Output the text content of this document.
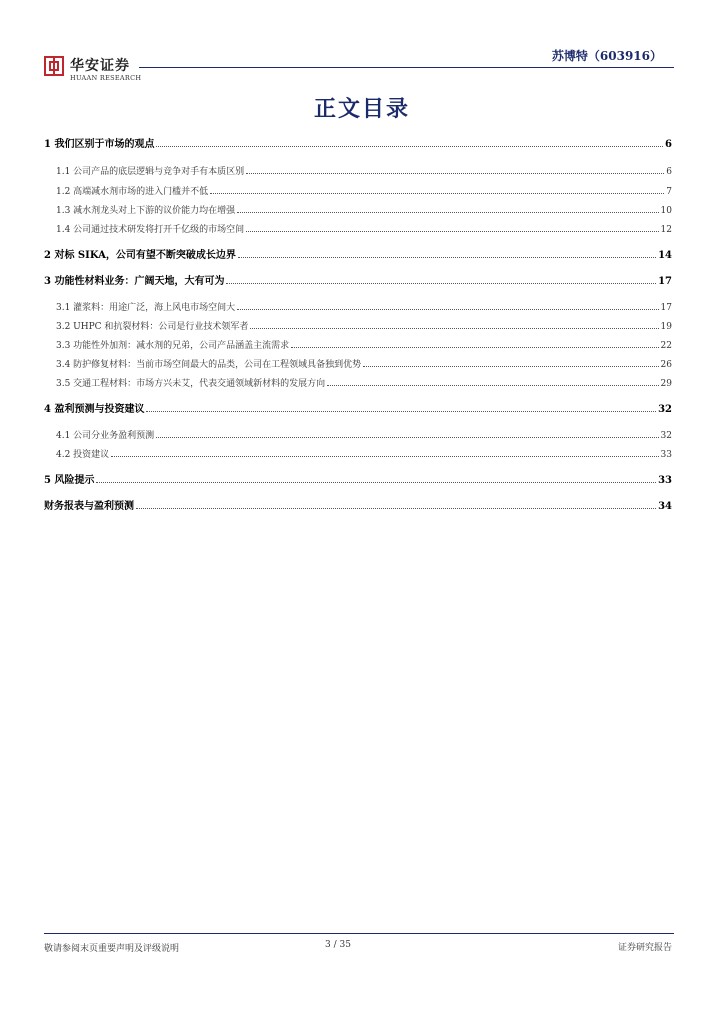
华安证券
HUAAN RESEARCH
苏博特（603916）
正文目录
1 我们区别于市场的观点	6
1.1 公司产品的底层逻辑与竞争对手有本质区别	6
1.2 高端减水剂市场的进入门槛并不低	7
1.3 减水剂龙头对上下游的议价能力均在增强	10
1.4 公司通过技术研发将打开千亿级的市场空间	12
2 对标 SIKA，公司有望不断突破成长边界	14
3 功能性材料业务：广阔天地，大有可为	17
3.1 灌浆料：用途广泛，海上风电市场空间大	17
3.2 UHPC 和抗裂材料：公司是行业技术领军者	19
3.3 功能性外加剂：减水剂的兄弟，公司产品涵盖主流需求	22
3.4 防护修复材料：当前市场空间最大的品类，公司在工程领域具备独到优势	26
3.5 交通工程材料：市场方兴未艾，代表交通领域新材料的发展方向	29
4 盈利预测与投资建议	32
4.1 公司分业务盈利预测	32
4.2 投资建议	33
5 风险提示	33
财务报表与盈利预测	34
敬请参阅末页重要声明及评级说明	3 / 35	证券研究报告
